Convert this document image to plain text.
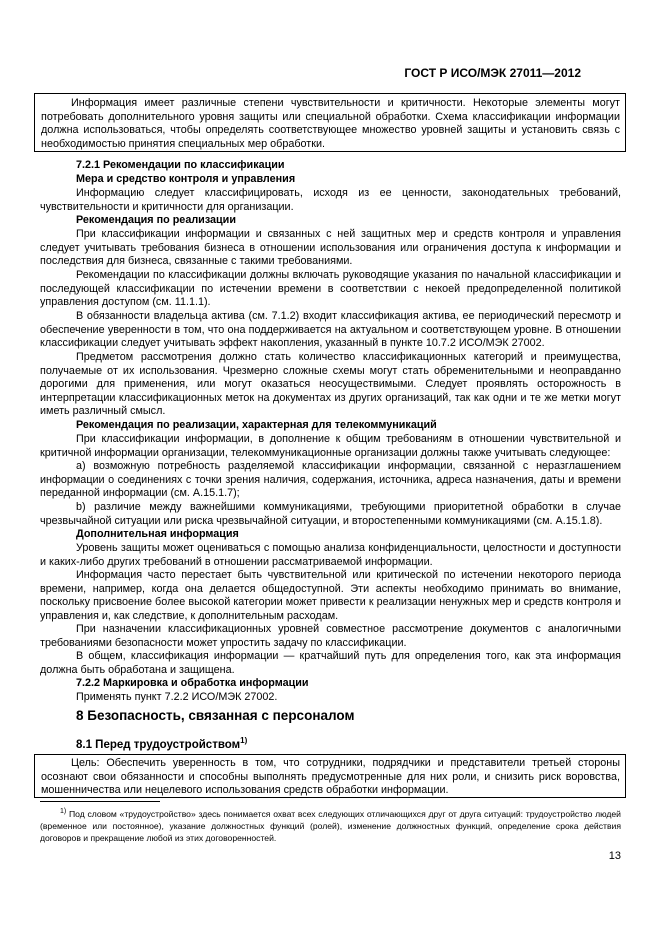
ГОСТ Р ИСО/МЭК 27011—2012

Информация имеет различные степени чувствительности и критичности. Некоторые элементы могут потребовать дополнительного уровня защиты или специальной обработки. Схема классификации информации должна использоваться, чтобы определять соответствующее множество уровней защиты и установить связь с необходимостью принятия специальных мер обработки.

7.2.1 Рекомендации по классификации

Мера и средство контроля и управления

Информацию следует классифицировать, исходя из ее ценности, законодательных требований, чувствительности и критичности для организации.

Рекомендация по реализации

При классификации информации и связанных с ней защитных мер и средств контроля и управления следует учитывать требования бизнеса в отношении использования или ограничения доступа к информации и последствия для бизнеса, связанные с такими требованиями.

Рекомендации по классификации должны включать руководящие указания по начальной классификации и последующей классификации по истечении времени в соответствии с некоей предопределенной политикой управления доступом (см. 11.1.1).

В обязанности владельца актива (см. 7.1.2) входит классификация актива, ее периодический пересмотр и обеспечение уверенности в том, что она поддерживается на актуальном и соответствующем уровне. В отношении классификации следует учитывать эффект накопления, указанный в пункте 10.7.2 ИСО/МЭК 27002.

Предметом рассмотрения должно стать количество классификационных категорий и преимущества, получаемые от их использования. Чрезмерно сложные схемы могут стать обременительными и неоправданно дорогими для применения, или могут оказаться неосуществимыми. Следует проявлять осторожность в интерпретации классификационных меток на документах из других организаций, так как одни и те же метки могут иметь различный смысл.

Рекомендация по реализации, характерная для телекоммуникаций

При классификации информации, в дополнение к общим требованиям в отношении чувствительной и критичной информации организации, телекоммуникационные организации должны также учитывать следующее:

a) возможную потребность разделяемой классификации информации, связанной с неразглашением информации о соединениях с точки зрения наличия, содержания, источника, адреса назначения, даты и времени переданной информации (см. А.15.1.7);

b) различие между важнейшими коммуникациями, требующими приоритетной обработки в случае чрезвычайной ситуации или риска чрезвычайной ситуации, и второстепенными коммуникациями (см. А.15.1.8).

Дополнительная информация

Уровень защиты может оцениваться с помощью анализа конфиденциальности, целостности и доступности и каких-либо других требований в отношении рассматриваемой информации.

Информация часто перестает быть чувствительной или критической по истечении некоторого периода времени, например, когда она делается общедоступной. Эти аспекты необходимо принимать во внимание, поскольку присвоение более высокой категории может привести к реализации ненужных мер и средств контроля и управления и, как следствие, к дополнительным расходам.

При назначении классификационных уровней совместное рассмотрение документов с аналогичными требованиями безопасности может упростить задачу по классификации.

В общем, классификация информации — кратчайший путь для определения того, как эта информация должна быть обработана и защищена.

7.2.2 Маркировка и обработка информации

Применять пункт 7.2.2 ИСО/МЭК 27002.

8 Безопасность, связанная с персоналом
8.1 Перед трудоустройством$^{1)}$

Цель: Обеспечить уверенность в том, что сотрудники, подрядчики и представители третьей стороны осознают свои обязанности и способны выполнять предусмотренные для них роли, и снизить риск воровства, мошенничества или нецелевого использования средств обработки информации.

$^{1)}$ Под словом «трудоустройство» здесь понимается охват всех следующих отличающихся друг от друга ситуаций: трудоустройство людей (временное или постоянное), указание должностных функций (ролей), изменение должностных функций, определение срока действия договоров и прекращение любой из этих договоренностей.

13
